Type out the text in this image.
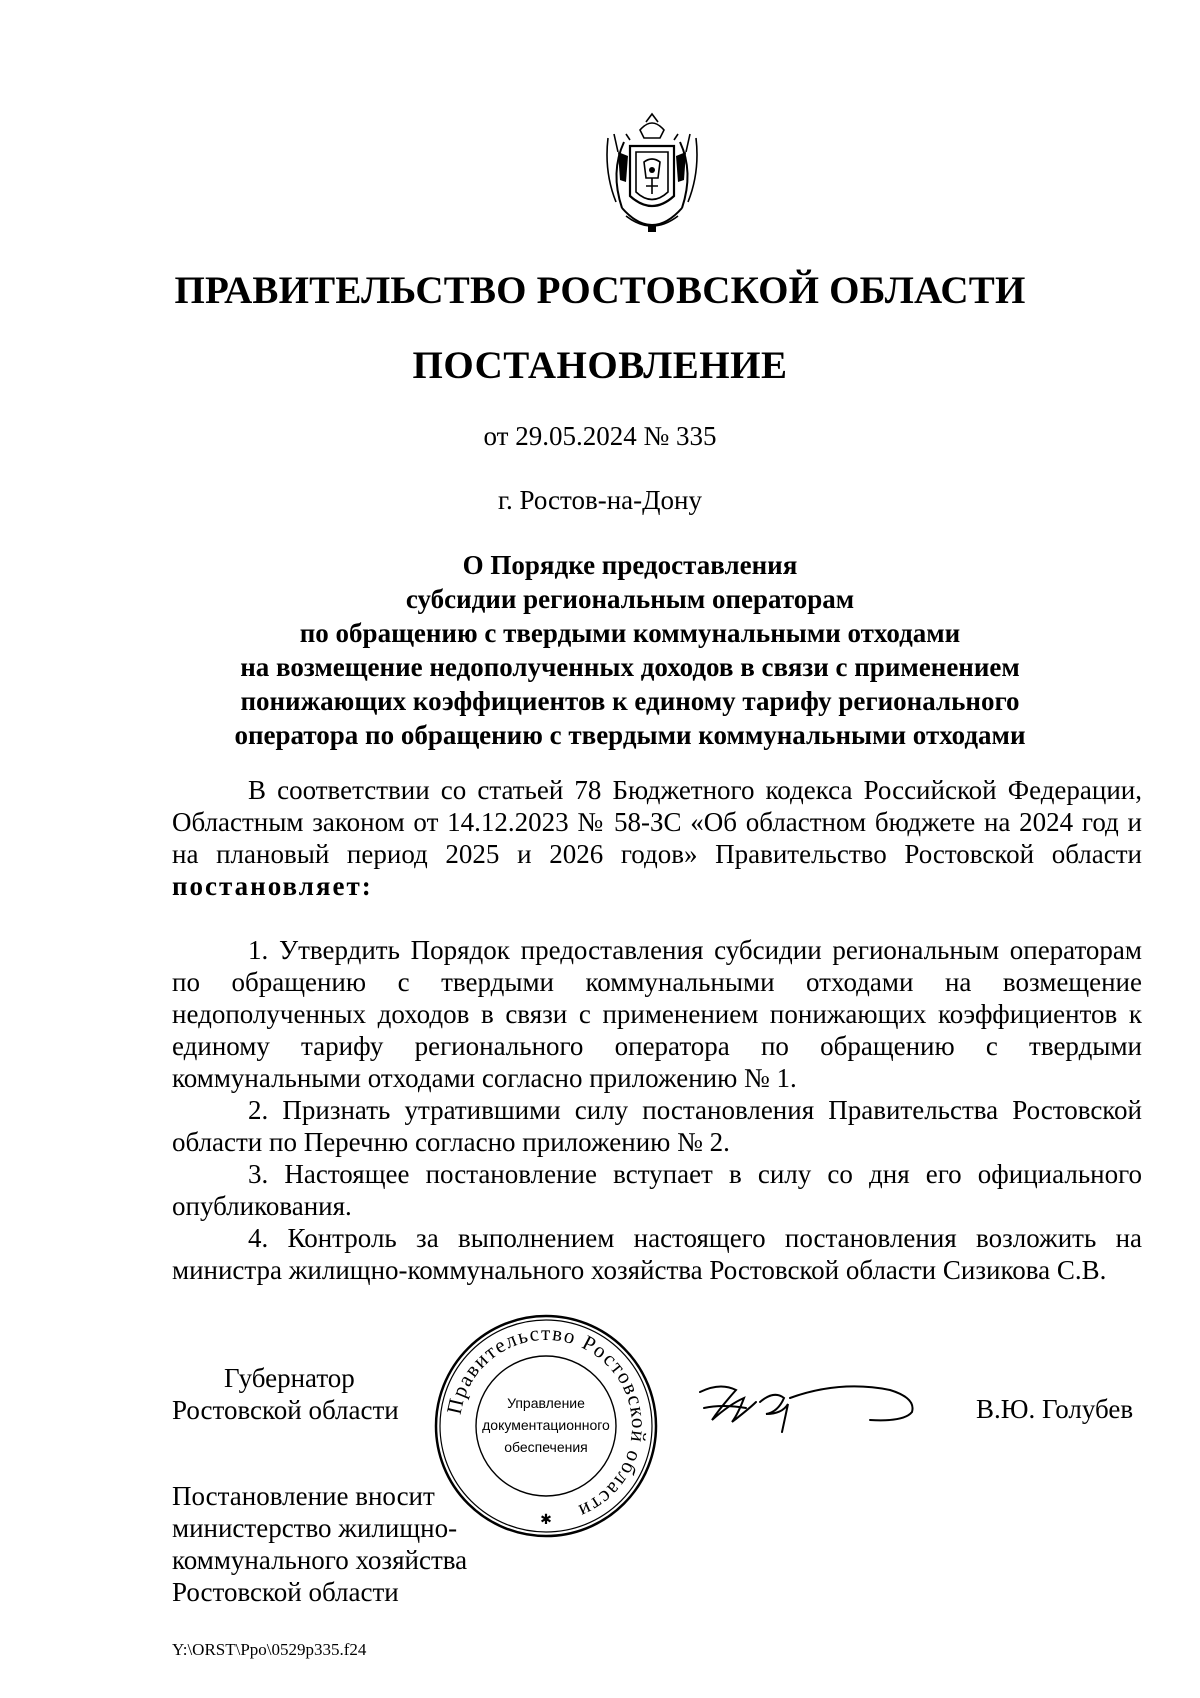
ПРАВИТЕЛЬСТВО РОСТОВСКОЙ ОБЛАСТИ
ПОСТАНОВЛЕНИЕ
от 29.05.2024 № 335
г. Ростов-на-Дону
О Порядке предоставления
субсидии региональным операторам
по обращению с твердыми коммунальными отходами
на возмещение недополученных доходов в связи с применением
понижающих коэффициентов к единому тарифу регионального
оператора по обращению с твердыми коммунальными отходами
В соответствии со статьей 78 Бюджетного кодекса Российской Федерации, Областным законом от 14.12.2023 № 58-ЗС «Об областном бюджете на 2024 год и на плановый период 2025 и 2026 годов» Правительство Ростовской области постановляет:
1. Утвердить Порядок предоставления субсидии региональным операторам по обращению с твердыми коммунальными отходами на возмещение недополученных доходов в связи с применением понижающих коэффициентов к единому тарифу регионального оператора по обращению с твердыми коммунальными отходами согласно приложению № 1.
2. Признать утратившими силу постановления Правительства Ростовской области по Перечню согласно приложению № 2.
3. Настоящее постановление вступает в силу со дня его официального опубликования.
4. Контроль за выполнением настоящего постановления возложить на министра жилищно-коммунального хозяйства Ростовской области Сизикова С.В.
Губернатор
Ростовской области	В.Ю. Голубев
Правительство Ростовской области
Управление
документационного
обеспечения
✱
Постановление вносит
министерство жилищно-
коммунального хозяйства
Ростовской области
Y:\ORST\Ppo\0529p335.f24
